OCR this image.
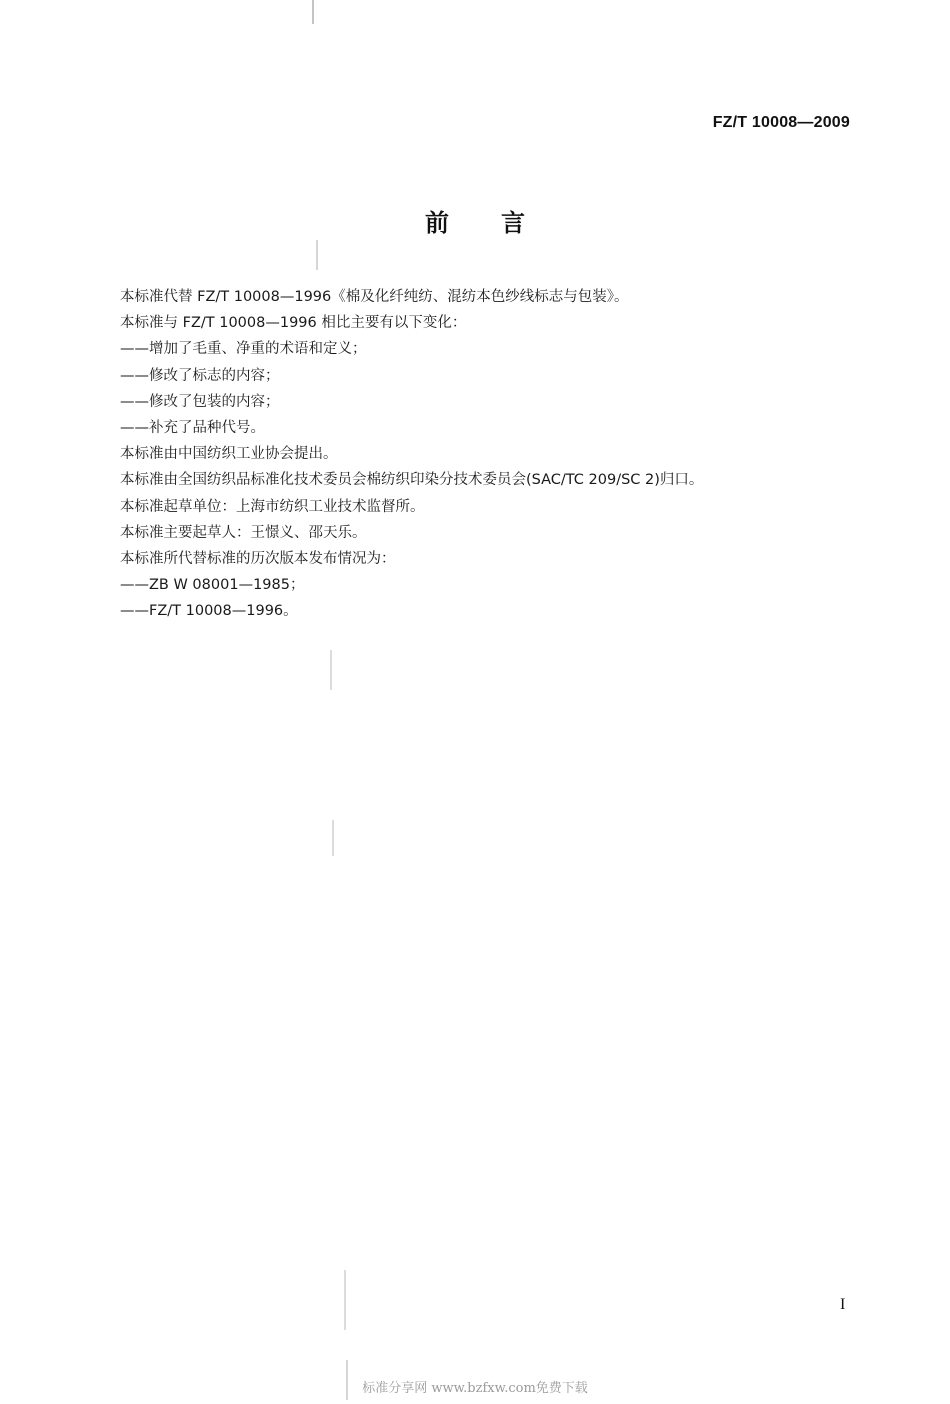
FZ/T 10008—2009
前言
本标准代替 FZ/T 10008—1996《棉及化纤纯纺、混纺本色纱线标志与包装》。
本标准与 FZ/T 10008—1996 相比主要有以下变化：
——增加了毛重、净重的术语和定义；
——修改了标志的内容；
——修改了包装的内容；
——补充了品种代号。
本标准由中国纺织工业协会提出。
本标准由全国纺织品标准化技术委员会棉纺织印染分技术委员会(SAC/TC 209/SC 2)归口。
本标准起草单位：上海市纺织工业技术监督所。
本标准主要起草人：王憬义、邵天乐。
本标准所代替标准的历次版本发布情况为：
——ZB W 08001—1985；
——FZ/T 10008—1996。
I
标准分享网 www.bzfxw.com免费下载
